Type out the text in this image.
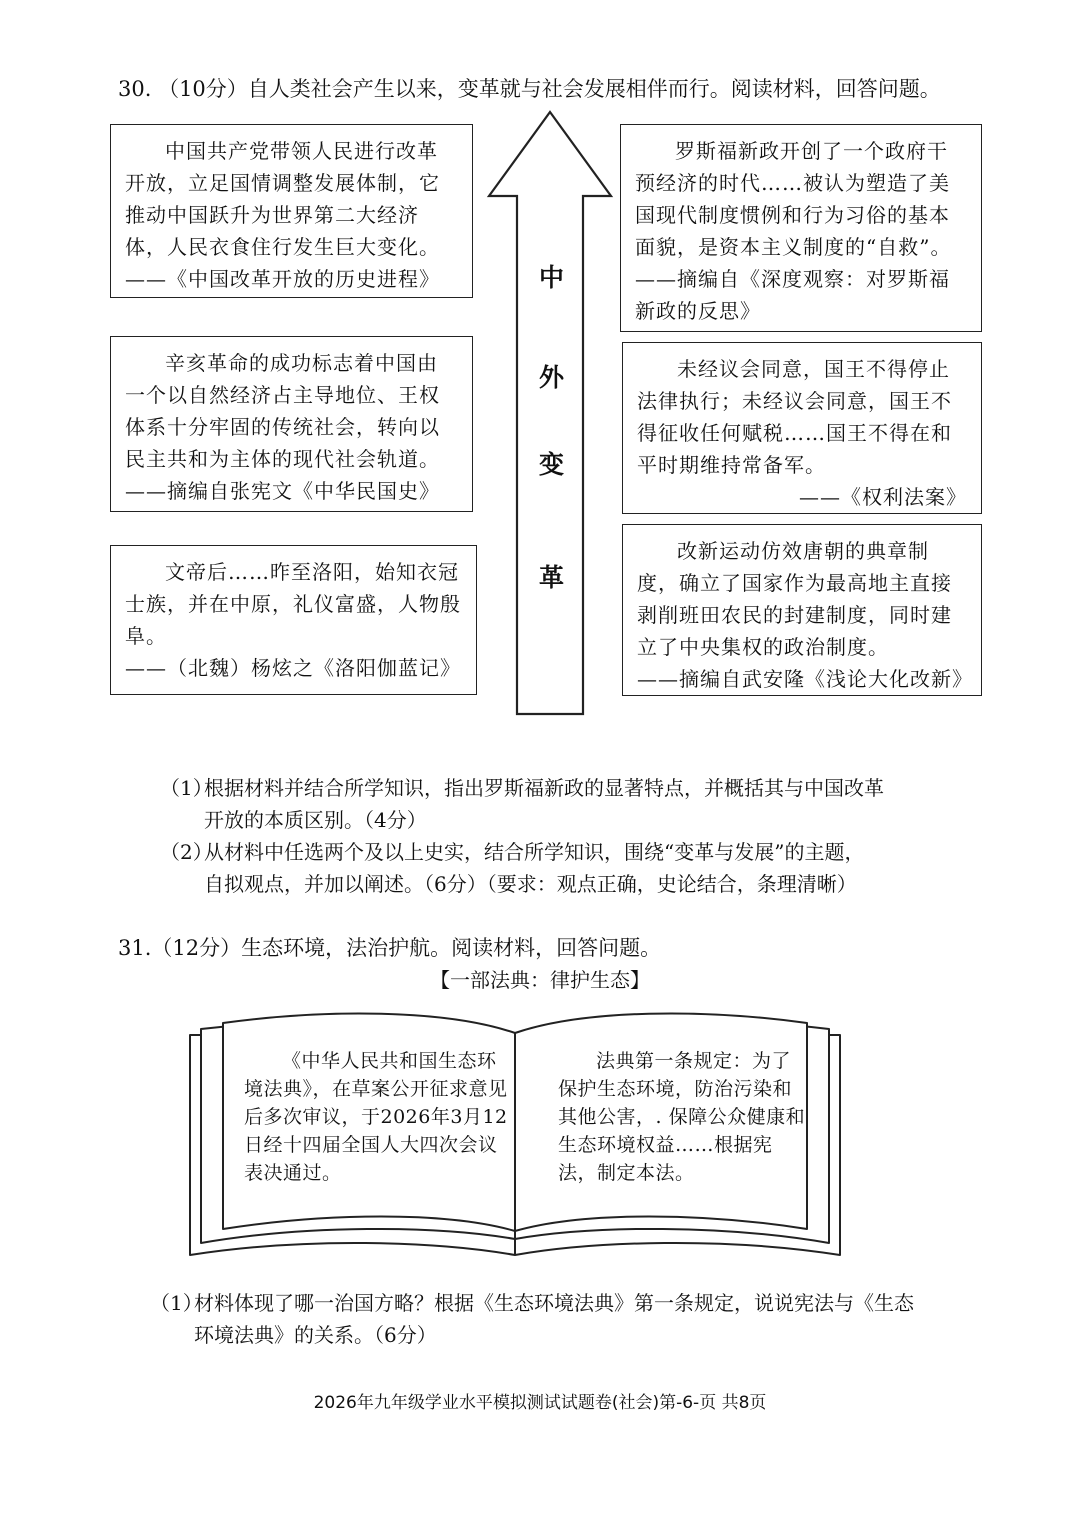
30. （10分）自人类社会产生以来，变革就与社会发展相伴而行。阅读材料，回答问题。

中国共产党带领人民进行改革开放，立足国情调整发展体制，它推动中国跃升为世界第二大经济体，人民衣食住行发生巨大变化。

——《中国改革开放的历史进程》

辛亥革命的成功标志着中国由一个以自然经济占主导地位、王权体系十分牢固的传统社会，转向以民主共和为主体的现代社会轨道。

——摘编自张宪文《中华民国史》

文帝后……昨至洛阳，始知衣冠士族，并在中原，礼仪富盛，人物殷阜。

——（北魏）杨炫之《洛阳伽蓝记》
中
外
变
革

罗斯福新政开创了一个政府干预经济的时代……被认为塑造了美国现代制度惯例和行为习俗的基本面貌，是资本主义制度的“自救”。

——摘编自《深度观察：对罗斯福新政的反思》

未经议会同意，国王不得停止法律执行；未经议会同意，国王不得征收任何赋税……国王不得在和平时期维持常备军。

——《权利法案》

改新运动仿效唐朝的典章制度，确立了国家作为最高地主直接剥削班田农民的封建制度，同时建立了中央集权的政治制度。

——摘编自武安隆《浅论大化改新》
（1）根据材料并结合所学知识，指出罗斯福新政的显著特点，并概括其与中国改革
开放的本质区别。（4分）
（2）从材料中任选两个及以上史实，结合所学知识，围绕“变革与发展”的主题，
自拟观点，并加以阐述。（6分）（要求：观点正确，史论结合，条理清晰）
31.（12分）生态环境，法治护航。阅读材料，回答问题。
【一部法典：律护生态】
《中华人民共和国生态环境法典》，在草案公开征求意见后多次审议，于2026年3月12日经十四届全国人大四次会议表决通过。
法典第一条规定：为了保护生态环境，防治污染和其他公害，. 保障公众健康和生态环境权益……根据宪法，制定本法。
（1）材料体现了哪一治国方略？根据《生态环境法典》第一条规定，说说宪法与《生态
环境法典》的关系。（6分）
2026年九年级学业水平模拟测试试题卷(社会)第-6-页 共8页
